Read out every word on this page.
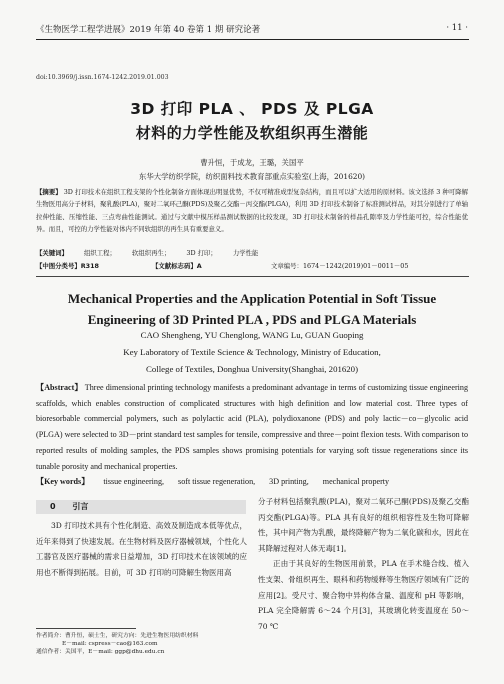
《生物医学工程学进展》2019 年第 40 卷第 1 期 研究论著	· 11 ·
doi:10.3969/j.issn.1674-1242.2019.01.003
3D 打印 PLA 、 PDS 及 PLGA
材料的力学性能及软组织再生潜能
曹升恒，于成龙，王璐，关国平
东华大学纺织学院，纺织面料技术教育部重点实验室(上海，201620)
【摘要】 3D 打印技术在组织工程支架的个性化制备方面体现出明显优势，不仅可精准成型复杂结构，而且可以扩大适用的原材料。该文选择 3 种可降解生物医用高分子材料，聚乳酸(PLA)，聚对二氧环己酮(PDS)及聚乙交酯－丙交酯(PLGA)，利用 3D 打印技术制备了标准测试样品，对其分别进行了单轴拉伸性能、压缩性能、三点弯曲性能测试。通过与文献中模压样品测试数据的比较发现，3D 打印技术制备的样品孔隙率及力学性能可控，综合性能优异。而且，可控的力学性能对体内不同软组织的再生具有重要意义。
【关键词】	组织工程；	软组织再生；	3D 打印；	力学性能
【中图分类号】R318	【文献标志码】A	文章编号：1674－1242(2019)01－0011－05
Mechanical Properties and the Application Potential in Soft Tissue
Engineering of 3D Printed PLA , PDS and PLGA Materials
CAO Shengheng, YU Chenglong, WANG Lu, GUAN Guoping
Key Laboratory of Textile Science & Technology, Ministry of Education,
College of Textiles, Donghua University(Shanghai, 201620)
【Abstract】 Three dimensional printing technology manifests a predominant advantage in terms of customizing tissue engineering scaffolds, which enables construction of complicated structures with high definition and low material cost. Three types of bioresorbable commercial polymers, such as polylactic acid (PLA), polydioxanone (PDS) and poly lactic－co－glycolic acid (PLGA) were selected to 3D－print standard test samples for tensile, compressive and three－point flexion tests. With comparison to reported results of molding samples, the PDS samples shows promising potentials for varying soft tissue regenerations since its tunable porosity and mechanical properties.
【Key words】 tissue engineering, soft tissue regeneration, 3D printing, mechanical property
0 引言
3D 打印技术具有个性化制造、高效及制造成本低等优点，近年来得到了快速发展。在生物材料及医疗器械领域，个性化人工器官及医疗器械的需求日益增加，3D 打印技术在该领域的应用也不断得到拓展。目前，可 3D 打印的可降解生物医用高
作者简介：曹升恒，硕士生，研究方向：先进生物医用纺织材料
E－mail: cspress－cao@163.com
通信作者：关国平，E－mail: ggp@dhu.edu.cn
分子材料包括聚乳酸(PLA)，聚对二氧环己酮(PDS)及聚乙交酯丙交酯(PLGA)等。PLA 具有良好的组织相容性及生物可降解性，其中间产物为乳酸，最终降解产物为二氧化碳和水，因此在其降解过程对人体无毒[1]。
正由于其良好的生物医用前景，PLA 在手术缝合线、植入性支架、骨组织再生、眼科和药物缓释等生物医疗领域有广泛的应用[2]。受尺寸、聚合物中异构体含量、温度和 pH 等影响，PLA 完全降解需 6～24 个月[3]，其玻璃化转变温度在 50～70 ℃
